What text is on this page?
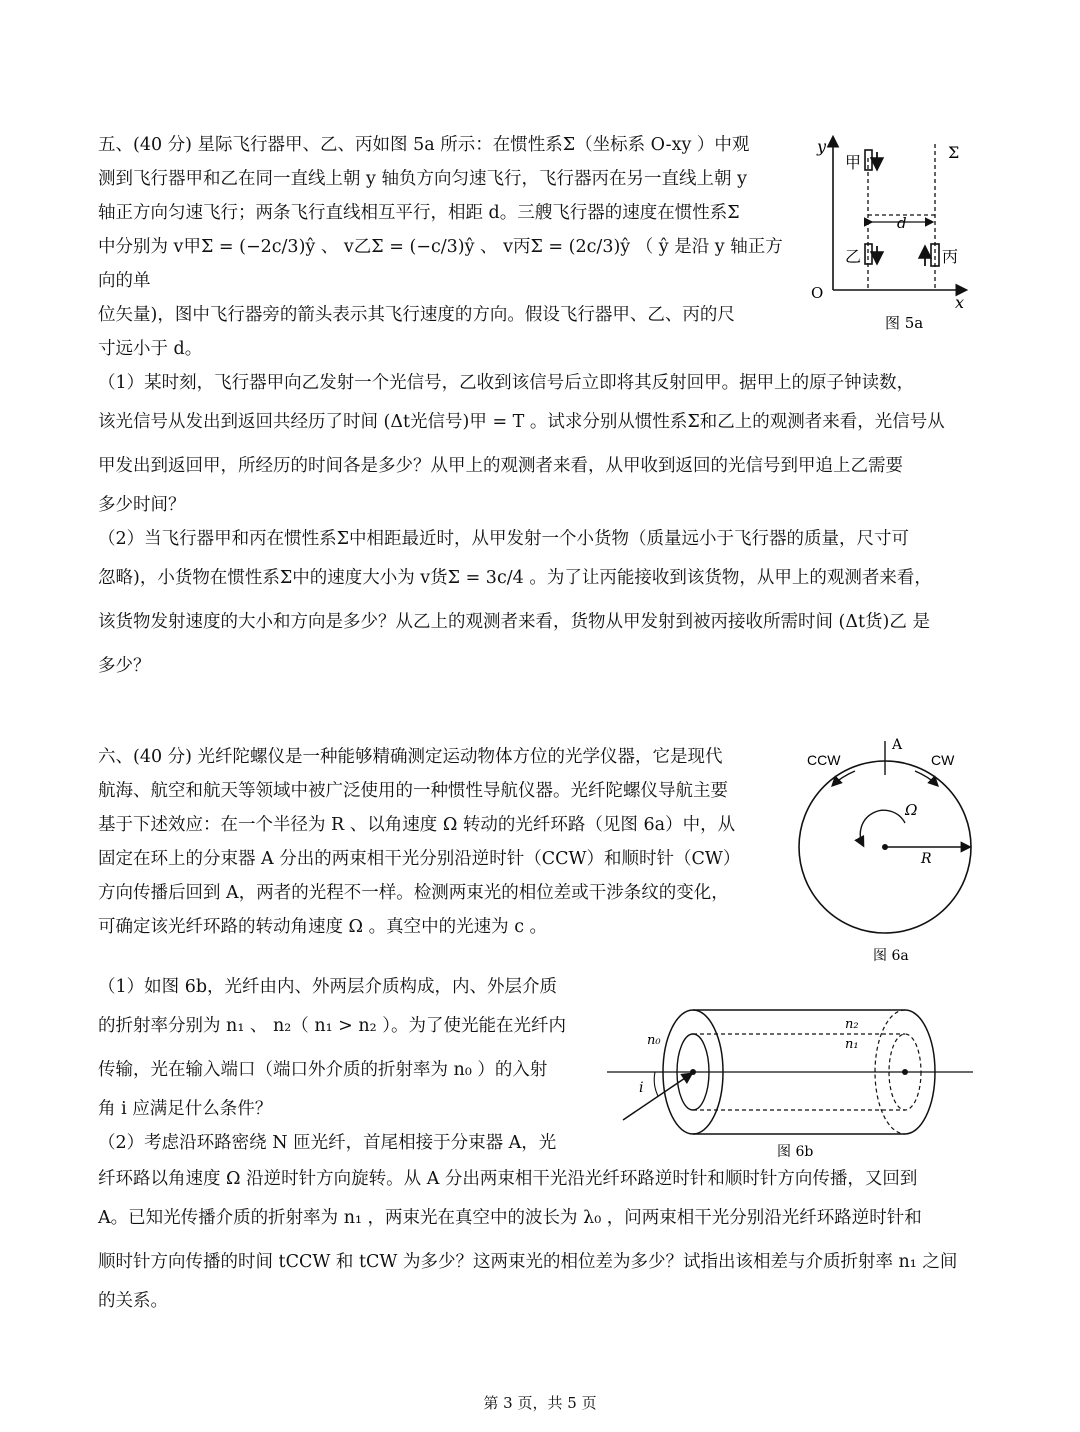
五、(40 分) 星际飞行器甲、乙、丙如图 5a 所示：在惯性系Σ（坐标系 O-xy ）中观

测到飞行器甲和乙在同一直线上朝 y 轴负方向匀速飞行，飞行器丙在另一直线上朝 y

轴正方向匀速飞行；两条飞行直线相互平行，相距 d。三艘飞行器的速度在惯性系Σ

中分别为 v甲Σ = (−2c/3)ŷ 、 v乙Σ = (−c/3)ŷ 、 v丙Σ = (2c/3)ŷ （ ŷ 是沿 y 轴正方向的单

位矢量)，图中飞行器旁的箭头表示其飞行速度的方向。假设飞行器甲、乙、丙的尺

寸远小于 d。

（1）某时刻，飞行器甲向乙发射一个光信号，乙收到该信号后立即将其反射回甲。据甲上的原子钟读数，

该光信号从发出到返回共经历了时间 (Δt光信号)甲 = T 。试求分别从惯性系Σ和乙上的观测者来看，光信号从

甲发出到返回甲，所经历的时间各是多少？从甲上的观测者来看，从甲收到返回的光信号到甲追上乙需要

多少时间？

（2）当飞行器甲和丙在惯性系Σ中相距最近时，从甲发射一个小货物（质量远小于飞行器的质量，尺寸可

忽略)，小货物在惯性系Σ中的速度大小为 v货Σ = 3c/4 。为了让丙能接收到该货物，从甲上的观测者来看，

该货物发射速度的大小和方向是多少？从乙上的观测者来看，货物从甲发射到被丙接收所需时间 (Δt货)乙 是

多少？

y
x
O
Σ
d
甲
乙	丙
图 5a

六、(40 分) 光纤陀螺仪是一种能够精确测定运动物体方位的光学仪器，它是现代

航海、航空和航天等领域中被广泛使用的一种惯性导航仪器。光纤陀螺仪导航主要

基于下述效应：在一个半径为 R 、以角速度 Ω 转动的光纤环路（见图 6a）中，从

固定在环上的分束器 A 分出的两束相干光分别沿逆时针（CCW）和顺时针（CW）

方向传播后回到 A，两者的光程不一样。检测两束光的相位差或干涉条纹的变化，

可确定该光纤环路的转动角速度 Ω 。真空中的光速为 c 。

（1）如图 6b，光纤由内、外两层介质构成，内、外层介质

的折射率分别为 n₁ 、 n₂（ n₁ > n₂ ）。为了使光能在光纤内

传输，光在输入端口（端口外介质的折射率为 n₀ ）的入射

角 i 应满足什么条件？

（2）考虑沿环路密绕 N 匝光纤，首尾相接于分束器 A，光

纤环路以角速度 Ω 沿逆时针方向旋转。从 A 分出两束相干光沿光纤环路逆时针和顺时针方向传播，又回到

A。已知光传播介质的折射率为 n₁ ，两束光在真空中的波长为 λ₀ ，问两束相干光分别沿光纤环路逆时针和

顺时针方向传播的时间 tCCW 和 tCW 为多少？这两束光的相位差为多少？试指出该相差与介质折射率 n₁ 之间

的关系。

A
CCW	CW
Ω
R
图 6a
i
n₀
n₂
n₁
图 6b
第 3 页，共 5 页
